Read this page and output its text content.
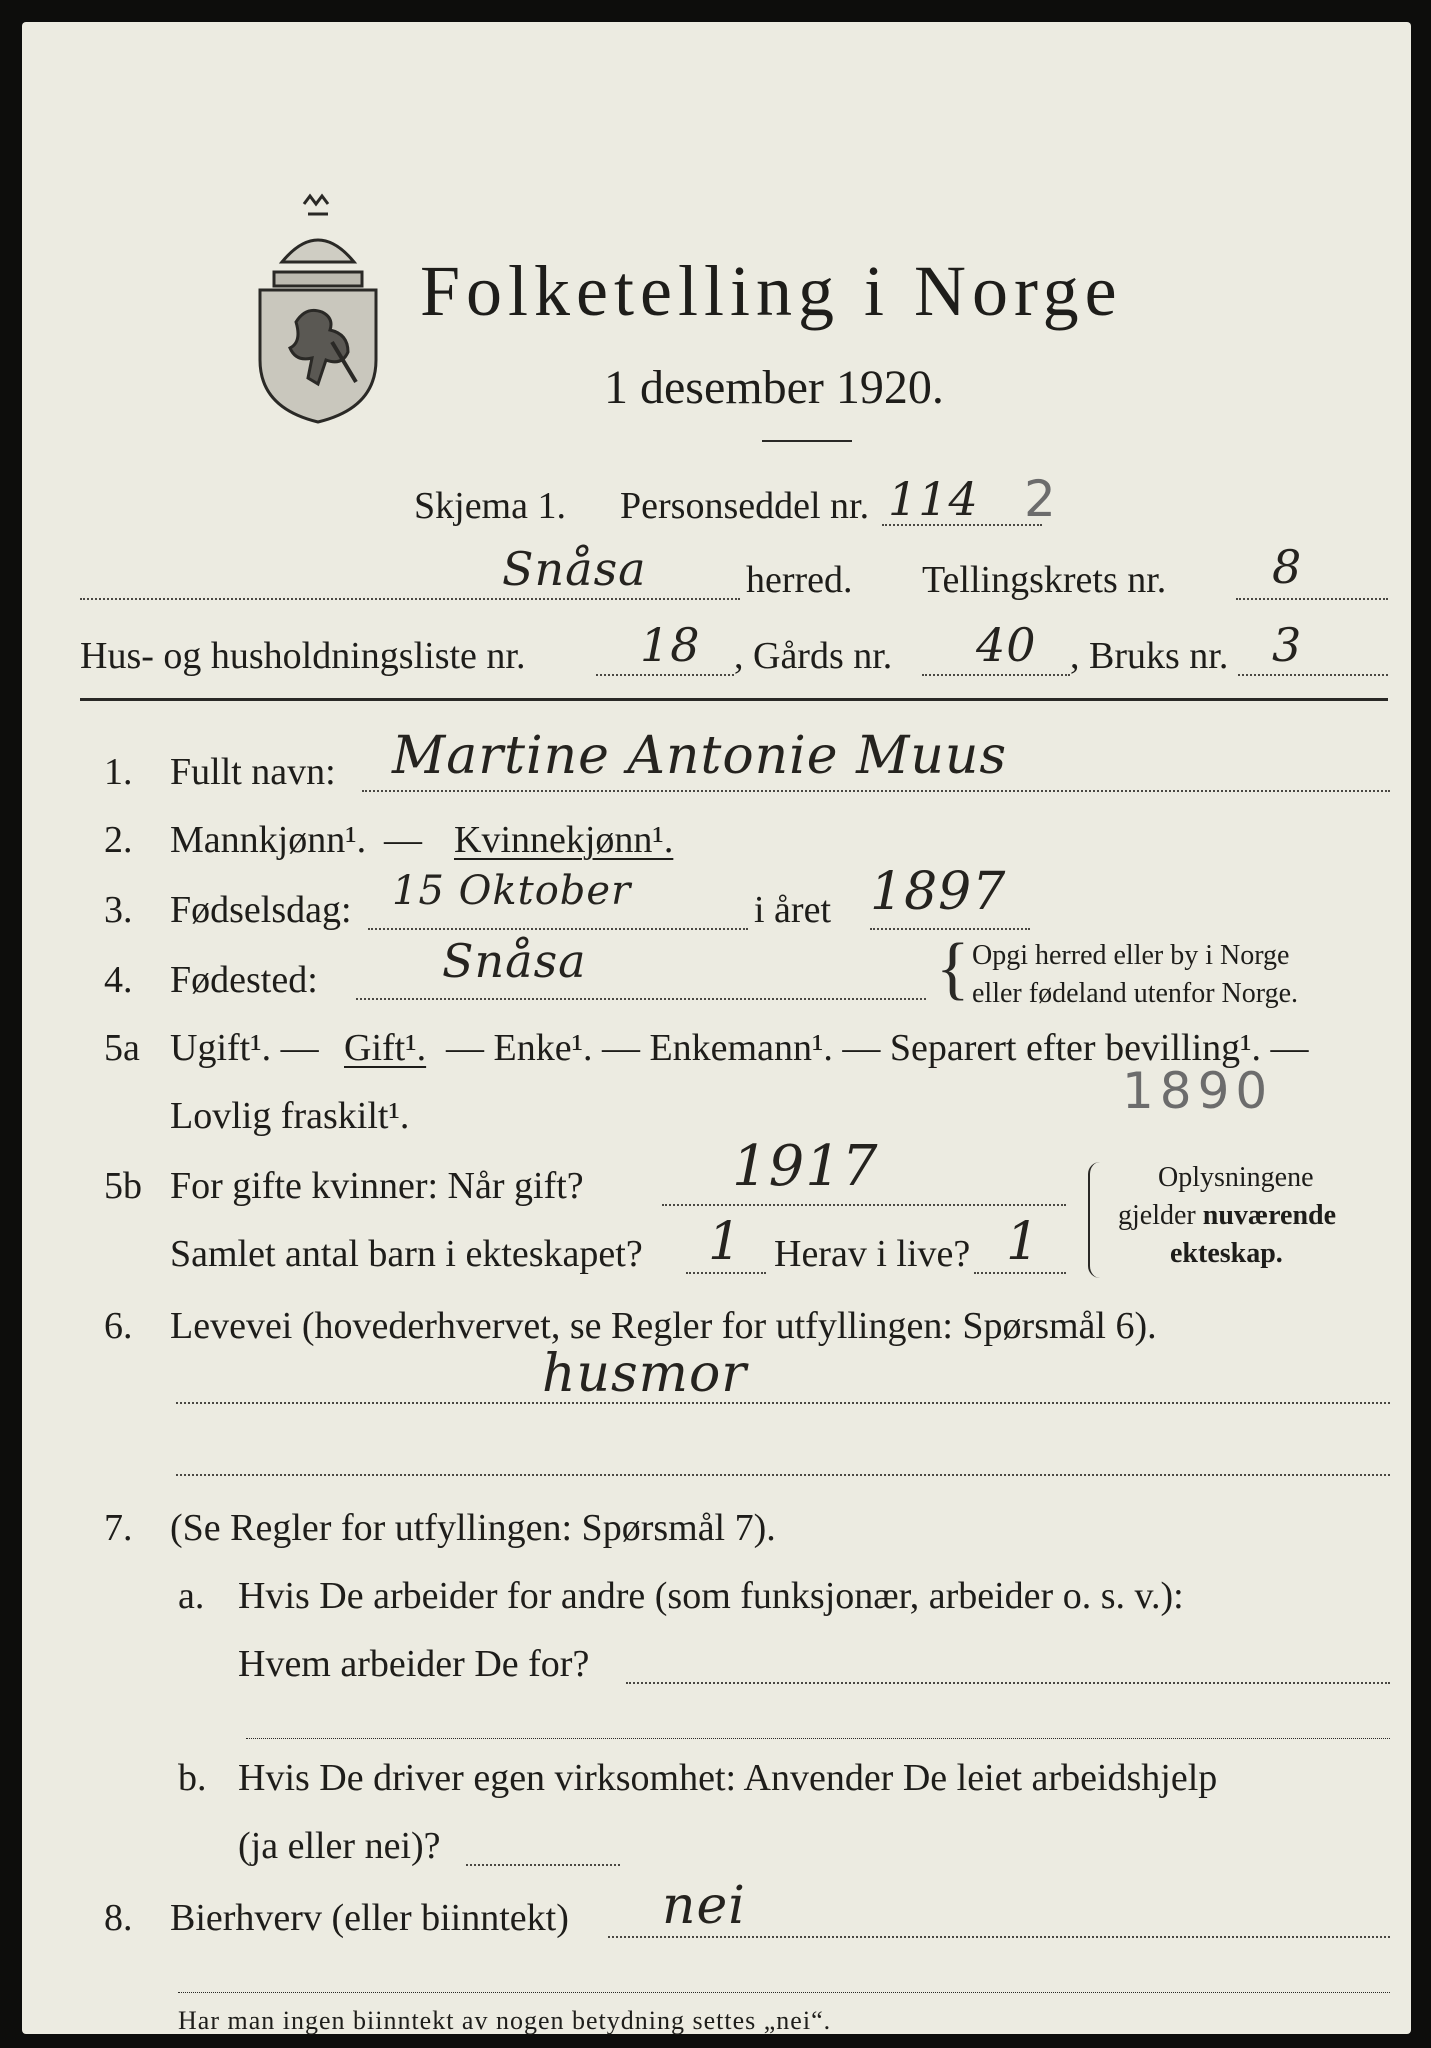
Folketelling i Norge
1 desember 1920.
Skjema 1. Personseddel nr. 114 2
Snåsa	herred. Tellingskrets nr. 8
Hus- og husholdningsliste nr. 18 , Gårds nr. 40 , Bruks nr. 3
1. Fullt navn: Martine Antonie Muus
2. Mannkjønn¹. — Kvinnekjønn¹.
3. Fødselsdag: 15 Oktober	i året 1897
4. Fødested:	Snåsa	{ Opgi herred eller by i Norge
eller fødeland utenfor Norge.
5a Ugift¹. — Gift¹. — Enke¹. — Enkemann¹. — Separert efter bevilling¹. —
Lovlig fraskilt¹.	1890
5b For gifte kvinner: Når gift?	1917
Samlet antal barn i ekteskapet? 1 Herav i live? 1
Oplysningene
gjelder nuværende
ekteskap.
6. Levevei (hovederhvervet, se Regler for utfyllingen: Spørsmål 6).
husmor
7. (Se Regler for utfyllingen: Spørsmål 7).
a. Hvis De arbeider for andre (som funksjonær, arbeider o. s. v.):
Hvem arbeider De for?
b. Hvis De driver egen virksomhet: Anvender De leiet arbeidshjelp
(ja eller nei)?
8. Bierhverv (eller biinntekt) nei
Har man ingen biinntekt av nogen betydning settes „nei“.
